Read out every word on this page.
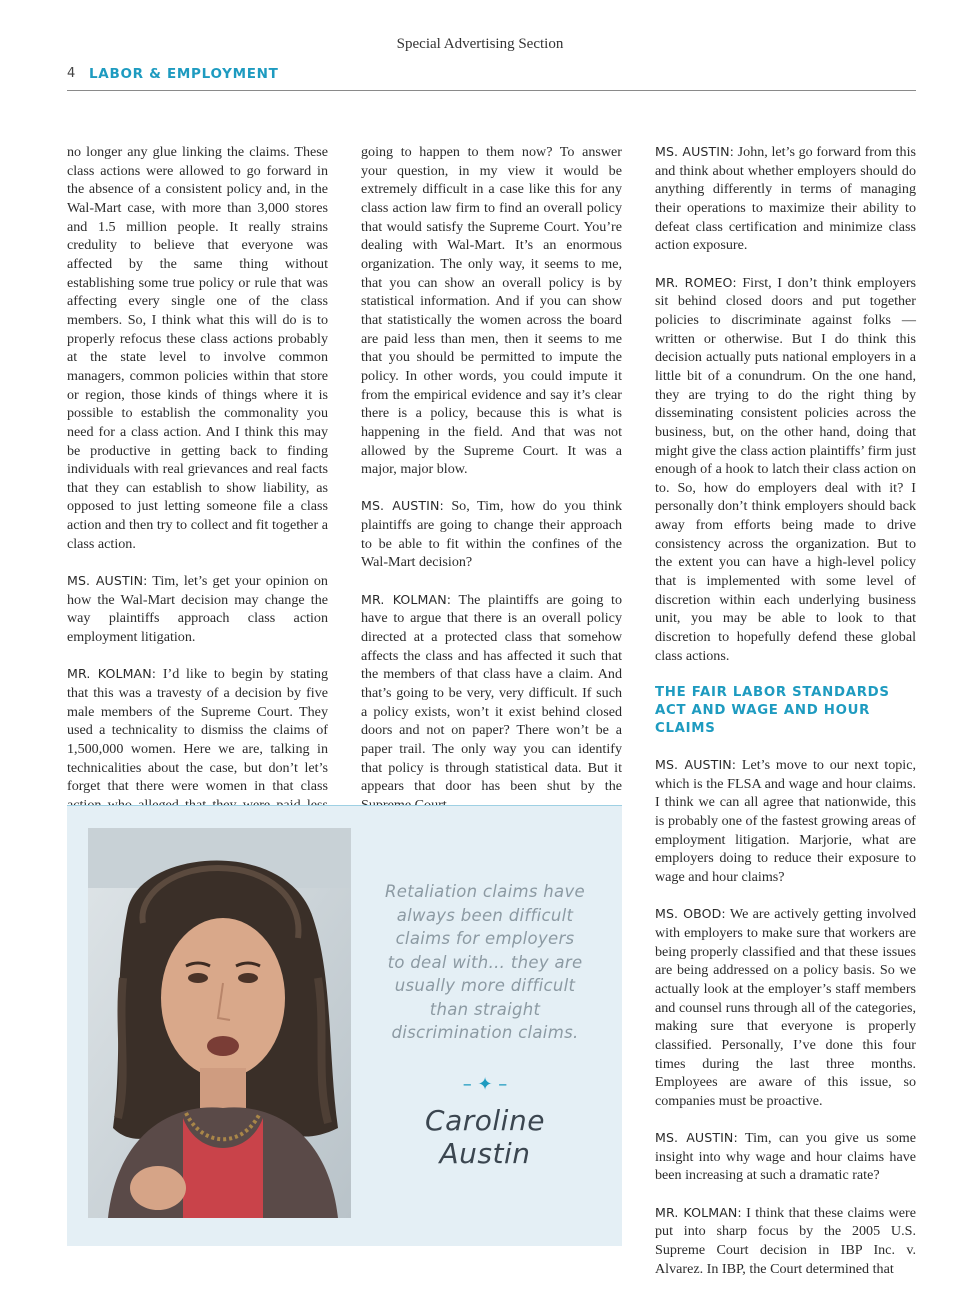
Special Advertising Section
4 LABOR & EMPLOYMENT

no longer any glue linking the claims. These class actions were allowed to go forward in the absence of a consistent policy and, in the Wal-Mart case, with more than 3,000 stores and 1.5 million people. It really strains credulity to believe that everyone was affected by the same thing without establishing some true policy or rule that was affecting every single one of the class members. So, I think what this will do is to properly refocus these class actions probably at the state level to involve common managers, common policies within that store or region, those kinds of things where it is possible to establish the commonality you need for a class action. And I think this may be productive in getting back to finding individuals with real grievances and real facts that they can establish to show liability, as opposed to just letting someone file a class action and then try to collect and fit together a class action.

MS. AUSTIN: Tim, let’s get your opinion on how the Wal-Mart decision may change the way plaintiffs approach class action employment litigation.

MR. KOLMAN: I’d like to begin by stating that this was a travesty of a decision by five male members of the Supreme Court. They used a technicality to dismiss the claims of 1,500,000 women. Here we are, talking in technicalities about the case, but don’t let’s forget that there were women in that class

going to happen to them now? To answer your question, in my view it would be extremely difficult in a case like this for any class action law firm to find an overall policy that would satisfy the Supreme Court. You’re dealing with Wal-Mart. It’s an enormous organization. The only way, it seems to me, that you can show an overall policy is by statistical information. And if you can show that statistically the women across the board are paid less than men, then it seems to me that you should be permitted to impute the policy. In other words, you could impute it from the empirical evidence and say it’s clear there is a policy, because this is what is happening in the field. And that was not allowed by the Supreme Court. It was a major, major blow.

MS. AUSTIN: So, Tim, how do you think plaintiffs are going to change their approach to be able to fit within the confines of the Wal-Mart decision?

MR. KOLMAN: The plaintiffs are going to have to argue that there is an overall policy directed at a protected class that somehow affects the class and has affected it such that the members of that class have a claim. And that’s going to be very, very difficult. If such a policy exists, won’t it exist behind closed doors and not on paper? There won’t be a paper trail. The only way you can identify that policy is through statistical data. But it appears that door has been shut by the

MS. AUSTIN: John, let’s go forward from this and think about whether employers should do anything differently in terms of managing their operations to maximize their ability to defeat class certification and minimize class action exposure.

MR. ROMEO: First, I don’t think employers sit behind closed doors and put together policies to discriminate against folks — written or otherwise. But I do think this decision actually puts national employers in a little bit of a conundrum. On the one hand, they are trying to do the right thing by disseminating consistent policies across the business, but, on the other hand, doing that might give the class action plaintiffs’ firm just enough of a hook to latch their class action on to. So, how do employers deal with it? I personally don’t think employers should back away from efforts being made to drive consistency across the organization. But to the extent you can have a high-level policy that is implemented with some level of discretion within each underlying business unit, you may be able to look to that discretion to hopefully defend these global class actions.

THE FAIR LABOR STANDARDS ACT AND WAGE AND HOUR CLAIMS

MS. AUSTIN: Let’s move to our next topic, which is the FLSA and wage and hour claims. I think we can all agree that nationwide, this is probably one of the fastest growing areas of employment litigation. Marjorie, what are employers doing to reduce their exposure to wage and hour claims?

MS. OBOD: We are actively getting involved with employers to make sure that workers are being properly classified and that these issues are being addressed on a policy basis. So we actually look at the employer’s staff members and counsel runs through all of the categories, making sure that everyone is properly classified. Personally, I’ve done this four times during the last three months. Employees are aware of this issue, so companies must be proactive.

MS. AUSTIN: Tim, can you give us some insight into why wage and hour claims have been increasing at such a dramatic rate?

MR. KOLMAN: I think that these claims were put into sharp focus by the 2005 U.S. Supreme Court decision in IBP Inc. v. Alvarez. In IBP, the Court determined that

Retaliation claims have always been difficult claims for employers to deal with… they are usually more difficult than straight discrimination claims.
– ✦ –
Caroline Austin
